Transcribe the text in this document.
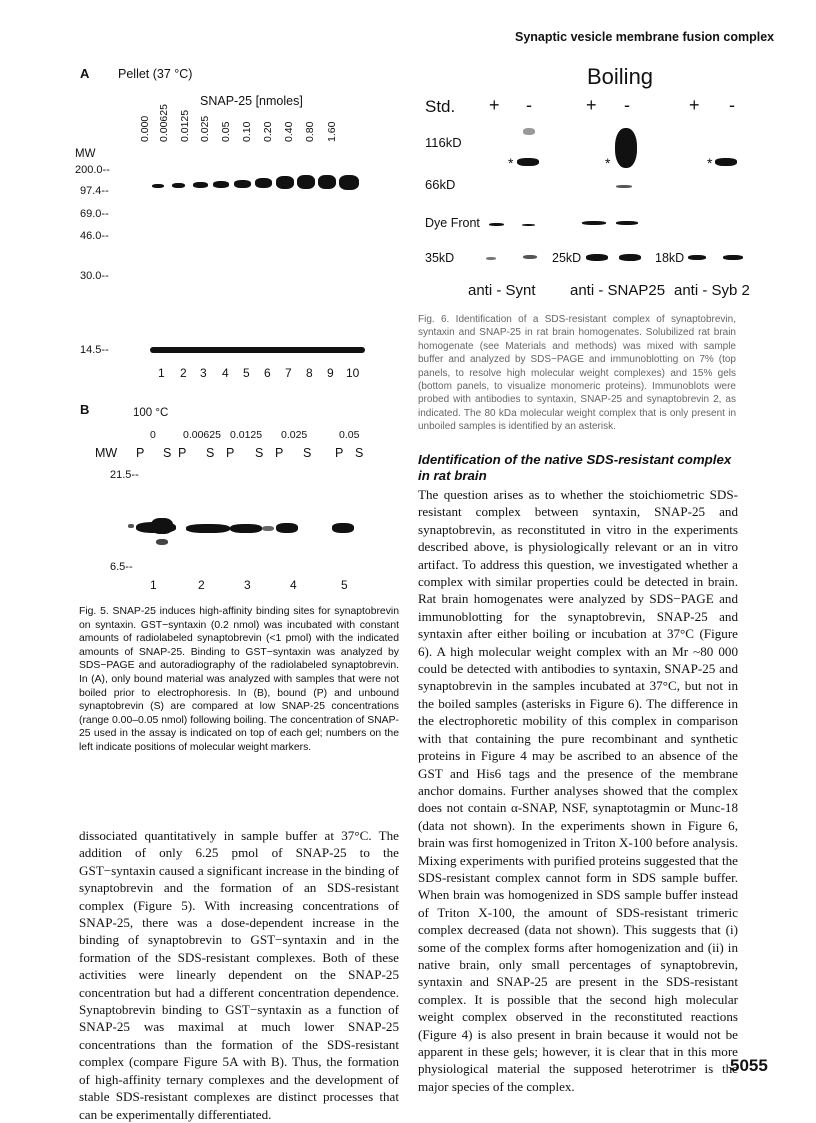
Synaptic vesicle membrane fusion complex
5055
A Pellet (37 °C)
SNAP-25 [nmoles]
0.000 0.00625 0.0125 0.025 0.05 0.10 0.20 0.40 0.80 1.60
MW
200.0--
97.4--
69.0--
46.0--
30.0--
14.5--
1 2 3 4 5 6 7 8 9 10
B	100 °C
0	0.00625 0.0125 0.025	0.05
MW P S P S P S P S P S
21.5--
6.5--
1	2	3	4	5
Fig. 5. SNAP-25 induces high-affinity binding sites for synaptobrevin on syntaxin. GST−syntaxin (0.2 nmol) was incubated with constant amounts of radiolabeled synaptobrevin (<1 pmol) with the indicated amounts of SNAP-25. Binding to GST−syntaxin was analyzed by SDS−PAGE and autoradiography of the radiolabeled synaptobrevin. In (A), only bound material was analyzed with samples that were not boiled prior to electrophoresis. In (B), bound (P) and unbound synaptobrevin (S) are compared at low SNAP-25 concentrations (range 0.00–0.05 nmol) following boiling. The concentration of SNAP-25 used in the assay is indicated on top of each gel; numbers on the left indicate positions of molecular weight markers.
Boiling
Std. + -	+ -	+ -
116kD
66kD
Dye Front
35kD	25kD	18kD
*	*	*
anti - Synt anti - SNAP25 anti - Syb 2
Fig. 6. Identification of a SDS-resistant complex of synaptobrevin, syntaxin and SNAP-25 in rat brain homogenates. Solubilized rat brain homogenate (see Materials and methods) was mixed with sample buffer and analyzed by SDS−PAGE and immunoblotting on 7% (top panels, to resolve high molecular weight complexes) and 15% gels (bottom panels, to visualize monomeric proteins). Immunoblots were probed with antibodies to syntaxin, SNAP-25 and synaptobrevin 2, as indicated. The 80 kDa molecular weight complex that is only present in unboiled samples is identified by an asterisk.
dissociated quantitatively in sample buffer at 37°C. The addition of only 6.25 pmol of SNAP-25 to the GST−syntaxin caused a significant increase in the binding of synaptobrevin and the formation of an SDS-resistant complex (Figure 5). With increasing concentrations of SNAP-25, there was a dose-dependent increase in the binding of synaptobrevin to GST−syntaxin and in the formation of the SDS-resistant complexes. Both of these activities were linearly dependent on the SNAP-25 concentration but had a different concentration dependence. Synaptobrevin binding to GST−syntaxin as a function of SNAP-25 was maximal at much lower SNAP-25 concentrations than the formation of the SDS-resistant complex (compare Figure 5A with B). Thus, the formation of high-affinity ternary complexes and the development of stable SDS-resistant complexes are distinct processes that can be experimentally differentiated.
Identification of the native SDS-resistant complex in rat brain
The question arises as to whether the stoichiometric SDS-resistant complex between syntaxin, SNAP-25 and synaptobrevin, as reconstituted in vitro in the experiments described above, is physiologically relevant or an in vitro artifact. To address this question, we investigated whether a complex with similar properties could be detected in brain. Rat brain homogenates were analyzed by SDS−PAGE and immunoblotting for the synaptobrevin, SNAP-25 and syntaxin after either boiling or incubation at 37°C (Figure 6). A high molecular weight complex with an Mr ~80 000 could be detected with antibodies to syntaxin, SNAP-25 and synaptobrevin in the samples incubated at 37°C, but not in the boiled samples (asterisks in Figure 6). The difference in the electrophoretic mobility of this complex in comparison with that containing the pure recombinant and synthetic proteins in Figure 4 may be ascribed to an absence of the GST and His6 tags and the presence of the membrane anchor domains. Further analyses showed that the complex does not contain α-SNAP, NSF, synaptotagmin or Munc-18 (data not shown). In the experiments shown in Figure 6, brain was first homogenized in Triton X-100 before analysis. Mixing experiments with purified proteins suggested that the SDS-resistant complex cannot form in SDS sample buffer. When brain was homogenized in SDS sample buffer instead of Triton X-100, the amount of SDS-resistant trimeric complex decreased (data not shown). This suggests that (i) some of the complex forms after homogenization and (ii) in native brain, only small percentages of synaptobrevin, syntaxin and SNAP-25 are present in the SDS-resistant complex. It is possible that the second high molecular weight complex observed in the reconstituted reactions (Figure 4) is also present in brain because it would not be apparent in these gels; however, it is clear that in this more physiological material the supposed heterotrimer is the major species of the complex.
